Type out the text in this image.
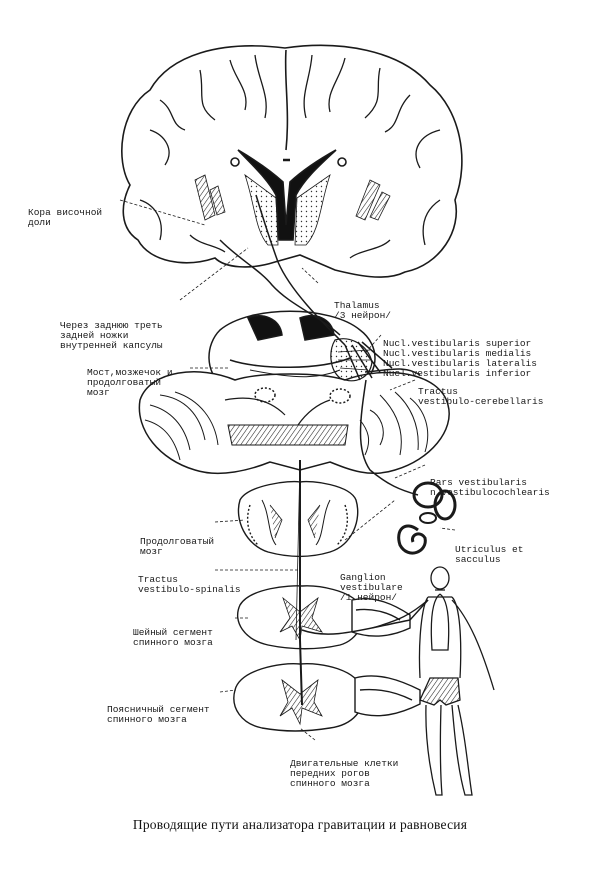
Кора височной
доли

Через заднюю треть
задней ножки
внутренней капсулы

Thalamus
/3 нейрон/

Nucl.vestibularis superior
Nucl.vestibularis medialis
Nucl.vestibularis lateralis
Nucl.vestibularis inferior

Мост,мозжечок и
продолговатый
мозг

	Tractus
vestibulo-cerebellaris

Pars vestibularis
n.vestibulocochlearis

Продолговатый
мозг

	Utriculus et
sacculus

Tractus
vestibulo-spinalis

Ganglion
vestibulare
/1 нейрон/

Шейный сегмент
спинного мозга

Поясничный сегмент
спинного мозга

Двигательные клетки
передних рогов
спинного мозга

Проводящие пути анализатора гравитации и равновесия
